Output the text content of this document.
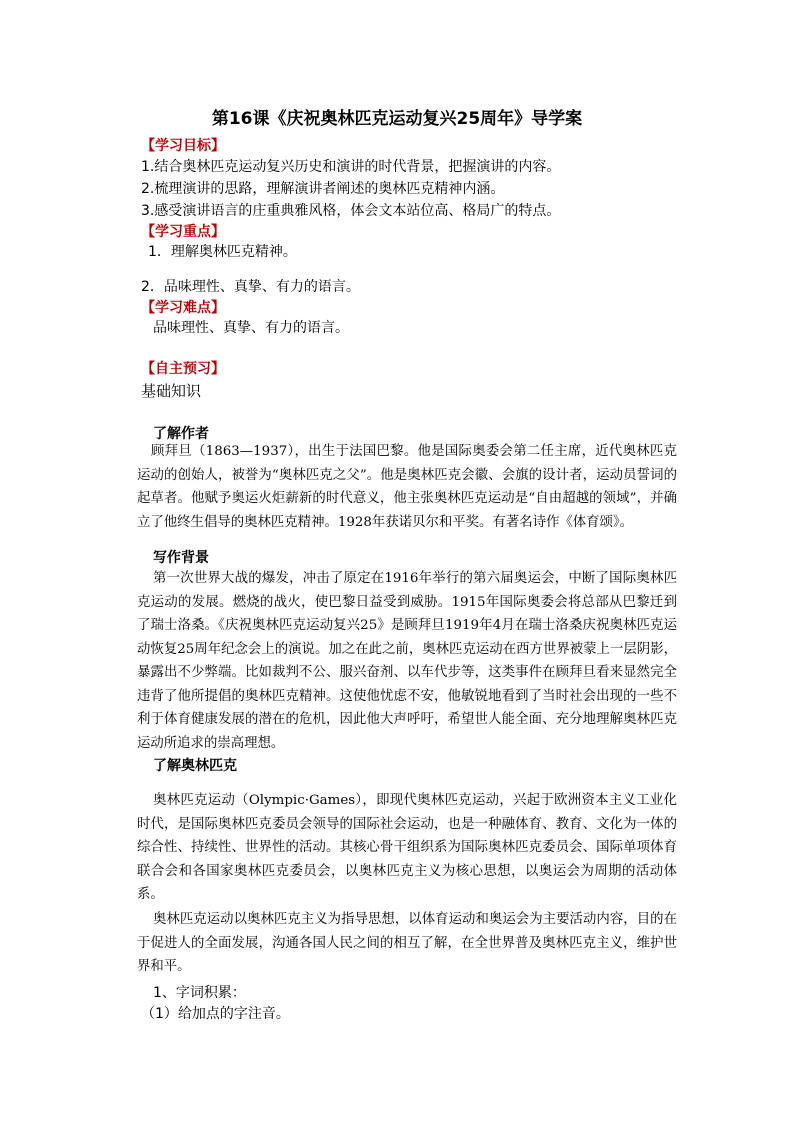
第16课《庆祝奥林匹克运动复兴25周年》导学案
【学习目标】
1.结合奥林匹克运动复兴历史和演讲的时代背景，把握演讲的内容。
2.梳理演讲的思路，理解演讲者阐述的奥林匹克精神内涵。
3.感受演讲语言的庄重典雅风格，体会文本站位高、格局广的特点。
【学习重点】
1．理解奥林匹克精神。
2．品味理性、真挚、有力的语言。
【学习难点】
品味理性、真挚、有力的语言。
【自主预习】
基础知识
了解作者
顾拜旦（1863—1937），出生于法国巴黎。他是国际奥委会第二任主席，近代奥林匹克运动的创始人，被誉为“奥林匹克之父”。他是奥林匹克会徽、会旗的设计者，运动员誓词的起草者。他赋予奥运火炬薪新的时代意义，他主张奥林匹克运动是“自由超越的领域”，并确立了他终生倡导的奥林匹克精神。1928年获诺贝尔和平奖。有著名诗作《体育颂》。
写作背景
第一次世界大战的爆发，冲击了原定在1916年举行的第六届奥运会，中断了国际奥林匹克运动的发展。燃烧的战火，使巴黎日益受到威胁。1915年国际奥委会将总部从巴黎迁到了瑞士洛桑。《庆祝奥林匹克运动复兴25》是顾拜旦1919年4月在瑞士洛桑庆祝奥林匹克运动恢复25周年纪念会上的演说。加之在此之前，奥林匹克运动在西方世界被蒙上一层阴影，暴露出不少弊端。比如裁判不公、服兴奋剂、以车代步等，这类事件在顾拜旦看来显然完全违背了他所提倡的奥林匹克精神。这使他忧虑不安，他敏锐地看到了当时社会出现的一些不利于体育健康发展的潜在的危机，因此他大声呼吁，希望世人能全面、充分地理解奥林匹克运动所追求的崇高理想。
了解奥林匹克
奥林匹克运动（Olympic·Games），即现代奥林匹克运动，兴起于欧洲资本主义工业化时代，是国际奥林匹克委员会领导的国际社会运动，也是一种融体育、教育、文化为一体的综合性、持续性、世界性的活动。其核心骨干组织系为国际奥林匹克委员会、国际单项体育联合会和各国家奥林匹克委员会，以奥林匹克主义为核心思想，以奥运会为周期的活动体系。
奥林匹克运动以奥林匹克主义为指导思想，以体育运动和奥运会为主要活动内容，目的在于促进人的全面发展，沟通各国人民之间的相互了解，在全世界普及奥林匹克主义，维护世界和平。
1、字词积累：
（1）给加点的字注音。
